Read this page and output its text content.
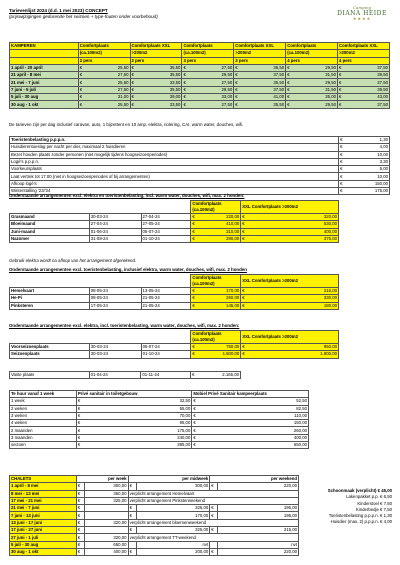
Tarievenlijst 2024 (d.d. 1 mei 2023) CONCEPT
(prijswijzigingen gedurende het seizoen + type-fouten onder voorbehoud)
Camping
DIANA HEIDE
★★★★
KAMPEREN	Comfortplaats	Comfortplaats XXL	Comfortplaats	Comfortplaats XXL	Comfortplaats	Comfortplaats XXL
	(ca.100m2)	>200m2	(ca.100m2)	>200m2	(ca.100m2)	>200m2
	2 pers	2 pers	3 pers	3 pers	4 pers	4 pers
1 april - 20 april	€ 25,50	€ 35,50	€ 27,50	€ 35,50	€ 29,50	€ 37,50

21 april - 8 mei	€ 27,50	€ 35,50	€ 29,50	€ 37,50	€ 31,50	€ 39,50

21 mei - 7 juni	€ 25,50	€ 33,50	€ 27,50	€ 35,50	€ 29,50	€ 37,50

7 juni - 5 juli	€ 27,50	€ 35,50	€ 29,50	€ 37,50	€ 31,50	€ 39,50

5 juli - 30 aug	€ 31,00	€ 39,00	€ 33,00	€ 41,00	€ 35,00	€ 43,00

30 aug - 1 okt	€ 25,50	€ 33,50	€ 27,50	€ 35,50	€ 29,50	€ 37,50
De tarieven zijn per dag inclusief caravan, auto, 1 bijzettent en 10 amp. elektra, riolering, CAI, warm water, douches, wifi.
Toeristenbelasting p.p.p.n.	€ 1,30

Huisdierentoeslag per nacht per dier, maximaal 2 huisdieren	€ 4,00

Bezet houden plaats zonder personen (niet mogelijk tijdens hoogseizoenperiodes)	€ 10,00

Logé's p.p.p.n.	€ 3,30

Voorkeursplaats	€ 5,00

Laat vertrek tot 17.00 (niet in hoogseizoenperiodes of bij arrangementen)	€ 10,00

Afkoop logé's	€ 150,00

Winterstalling '23/'24	€ 175,00
Onderstaande arrangementen excl. elektra en toeristenbelasting, incl. warm water, douches, wifi, max. 2 honden:
			Comfortplaats (ca.100m2)	XXL Comfortplaats >200m2
Grasmaand	30-03-24	27-04-24	€ 220,00	€ 320,00

Bloeimaand	27-04-24	27-05-24	€ 410,00	€ 530,00

Juni-maand	01-06-24	05-07-24	€ 310,00	€ 400,00

Nazomer	31-08-24	01-10-24	€ 290,00	€ 375,00
Gebruik elektra wordt na afloop van het arrangement afgerekend.
Onderstaande arrangementen excl. toeristenbelasting, inclusief elektra, warm water, douches, wifi, max. 2 honden
			Comfortplaats (ca.100m2)	XXL Comfortplaats >200m2
Hemelvaart	08-05-24	13-05-24	€ 170,00	€ 215,00

He-Pi	08-05-24	21-05-24	€ 260,00	€ 330,00

Pinksteren	17-05-24	21-05-24	€ 145,00	€ 180,00
Onderstaande arrangementen excl. elektra, incl. toeristenbelasting, warm water, douches, wifi, max. 2 honden:
			Comfortplaats (ca.100m2)	XXL Comfortplaats >200m2
Voorseizoenplaats	30-03-24	05-07-24	€ 750,00	€ 950,00

Seizoenplaats	30-03-24	01-10-24	€ 1.500,00	€ 1.900,00
Vaste plaats	01-04-24	01-11-24	€	2.165,00
Te huur vanaf 1 week	Privé sanitair in toiletgebouw	Mobiel Privé Sanitair kampeerplaats
1 week	€ 32,50	€ 52,50

2 weken	€ 55,00	€ 82,50

3 weken	€ 70,00	€ 110,00

4 weken	€ 95,00	€ 150,00

2 maanden	€ 175,00	€ 260,00

3 maanden	€ 240,00	€ 400,00

seizoen	€ 395,00	€ 650,00
CHALETS	per week		per midweek		per weekend	
1 april - 8 mei	€	300,00	€	300,00	€	220,00
8 mei - 13 mei	€	350,00	verplicht arrangement Hemelvaart			
17 mei - 21 mei	€	325,00	verplicht arrangement Pinksterweekend			
21 mei - 7 juni	€		€	325,00	€	195,00
7 juni - 13 juni	€		€	170,00	€	195,00
13 juni - 17 juni	€	320,00	verplicht arrangement bloemenweekend			
17 juni - 27 juni	€		€	325,00	€	215,00
27 juni - 1 juli	€	320,00	verplicht arrangement TT-weekend			
5 juli - 30 aug	€	650,00		nvt		nvt
30 aug - 1 okt	€	400,00	€	200,00	€	220,00
Schoonmaak (verplicht) € 45,00
Lakenpakket p.p. € 6,50
Kinderstoel € 7,50
Kinderbedje € 7,50
Toeristenbelasting p.p.p.n. € 1,30
Huisdier (max. 2) p.p.p.n. € 4,00
